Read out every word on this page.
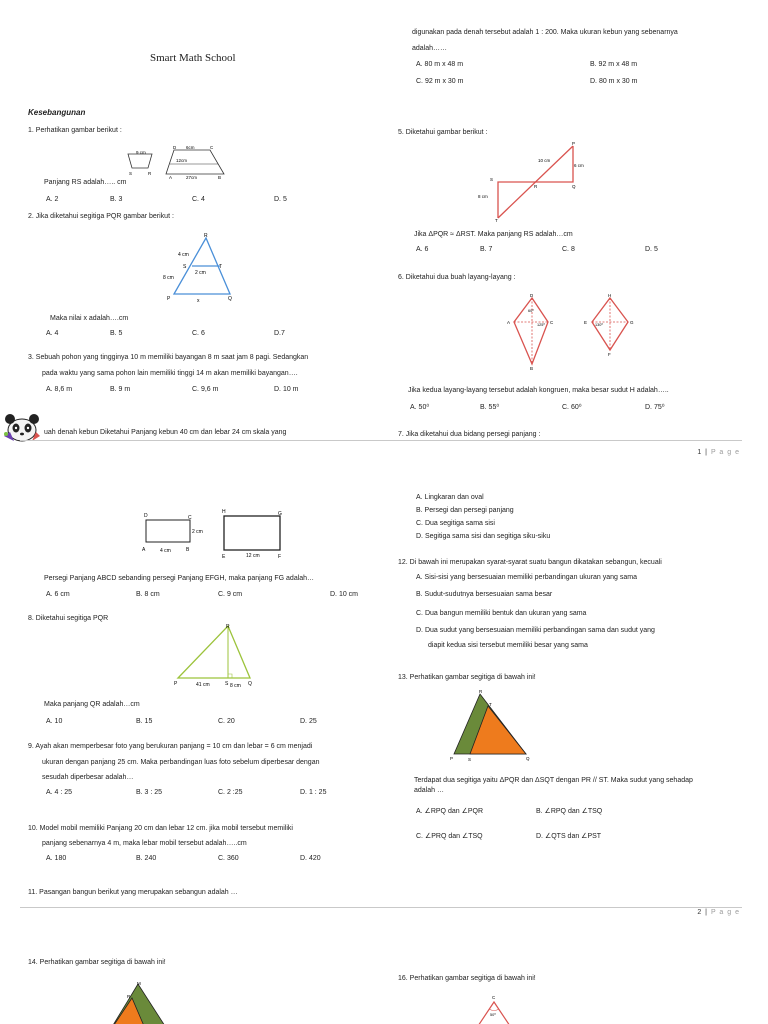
Smart Math School
Kesebangunan
digunakan pada denah tersebut adalah 1 : 200. Maka ukuran kebun yang sebenarnya
adalah……
A. 80 m x 48 m	B. 92 m x 48 m
C. 92 m x 30 m	D. 80 m x 30 m
1. Perhatikan gambar berikut :
9 cm
D 6cm	C
12cm
A	27cm	B
S	R
Panjang RS adalah….. cm
A. 2	B. 3	C. 4	D. 5
2. Jika diketahui segitiga PQR gambar berikut :
R
4 cm
S	T
2 cm
8 cm
P	x	Q
Maka nilai x adalah….cm
A. 4	B. 5	C. 6	D.7
3. Sebuah pohon yang tingginya 10 m memiliki bayangan 8 m saat jam 8 pagi. Sedangkan
pada waktu yang sama pohon lain memiliki tinggi 14 m akan memiliki bayangan….
A. 8,6 m	B. 9 m	C. 9,6 m	D. 10 m
uah denah kebun Diketahui Panjang kebun 40 cm dan lebar 24 cm skala yang
5. Diketahui gambar berikut :
P
10 cm
6 cm
S
R	Q
8 cm
T
Jika ΔPQR ≈ ΔRST. Maka panjang RS adalah…cm
A. 6	B. 7	C. 8	D. 5
6. Diketahui dua buah layang-layang :
D
A	C
B
60⁰
125⁰
H
E	G
F
130⁰
Jika kedua layang-layang tersebut adalah kongruen, maka besar sudut H adalah…..
A. 50⁰	B. 55⁰	C. 60⁰	D. 75⁰
7. Jika diketahui dua bidang persegi panjang :
1 | P a g e
D	C
A	4 cm	B
2 cm
H	G
E	12 cm	F
Persegi Panjang ABCD sebanding persegi Panjang EFGH, maka panjang FG adalah…
A. 6 cm	B. 8 cm	C. 9 cm	D. 10 cm
8. Diketahui segitiga PQR
R
P	41 cm	S 8 cm Q
Maka panjang QR adalah…cm
A. 10	B. 15	C. 20	D. 25
9. Ayah akan memperbesar foto yang berukuran panjang = 10 cm dan lebar = 6 cm menjadi
ukuran dengan panjang 25 cm. Maka perbandingan luas foto sebelum diperbesar dengan
sesudah diperbesar adalah…
A. 4 : 25	B. 3 : 25	C. 2 :25	D. 1 : 25
10. Model mobil memiliki Panjang 20 cm dan lebar 12 cm. jika mobil tersebut memiliki
panjang sebenarnya 4 m, maka lebar mobil tersebut adalah…..cm
A. 180	B. 240	C. 360	D. 420
11. Pasangan bangun berikut yang merupakan sebangun adalah …
A. Lingkaran dan oval
B. Persegi dan persegi panjang
C. Dua segitiga sama sisi
D. Segitiga sama sisi dan segitiga siku-siku
12. Di bawah ini merupakan syarat-syarat suatu bangun dikatakan sebangun, kecuali
A. Sisi-sisi yang bersesuaian memiliki perbandingan ukuran yang sama
B. Sudut-sudutnya bersesuaian sama besar
C. Dua bangun memiliki bentuk dan ukuran yang sama
D. Dua sudut yang bersesuaian memiliki perbandingan sama dan sudut yang
diapit kedua sisi tersebut memiliki besar yang sama
13. Perhatikan gambar segitiga di bawah ini!
R
T
P	S	Q
Terdapat dua segitiga yaitu ΔPQR dan ΔSQT dengan PR // ST. Maka sudut yang sehadap
adalah …
A. ∠RPQ dan ∠PQR	B. ∠RPQ dan ∠TSQ
C. ∠PRQ dan ∠TSQ	D. ∠QTS dan ∠PST
2 | P a g e
14. Perhatikan gambar segitiga di bawah ini!
M
R
16. Perhatikan gambar segitiga di bawah ini!
C
50⁰
